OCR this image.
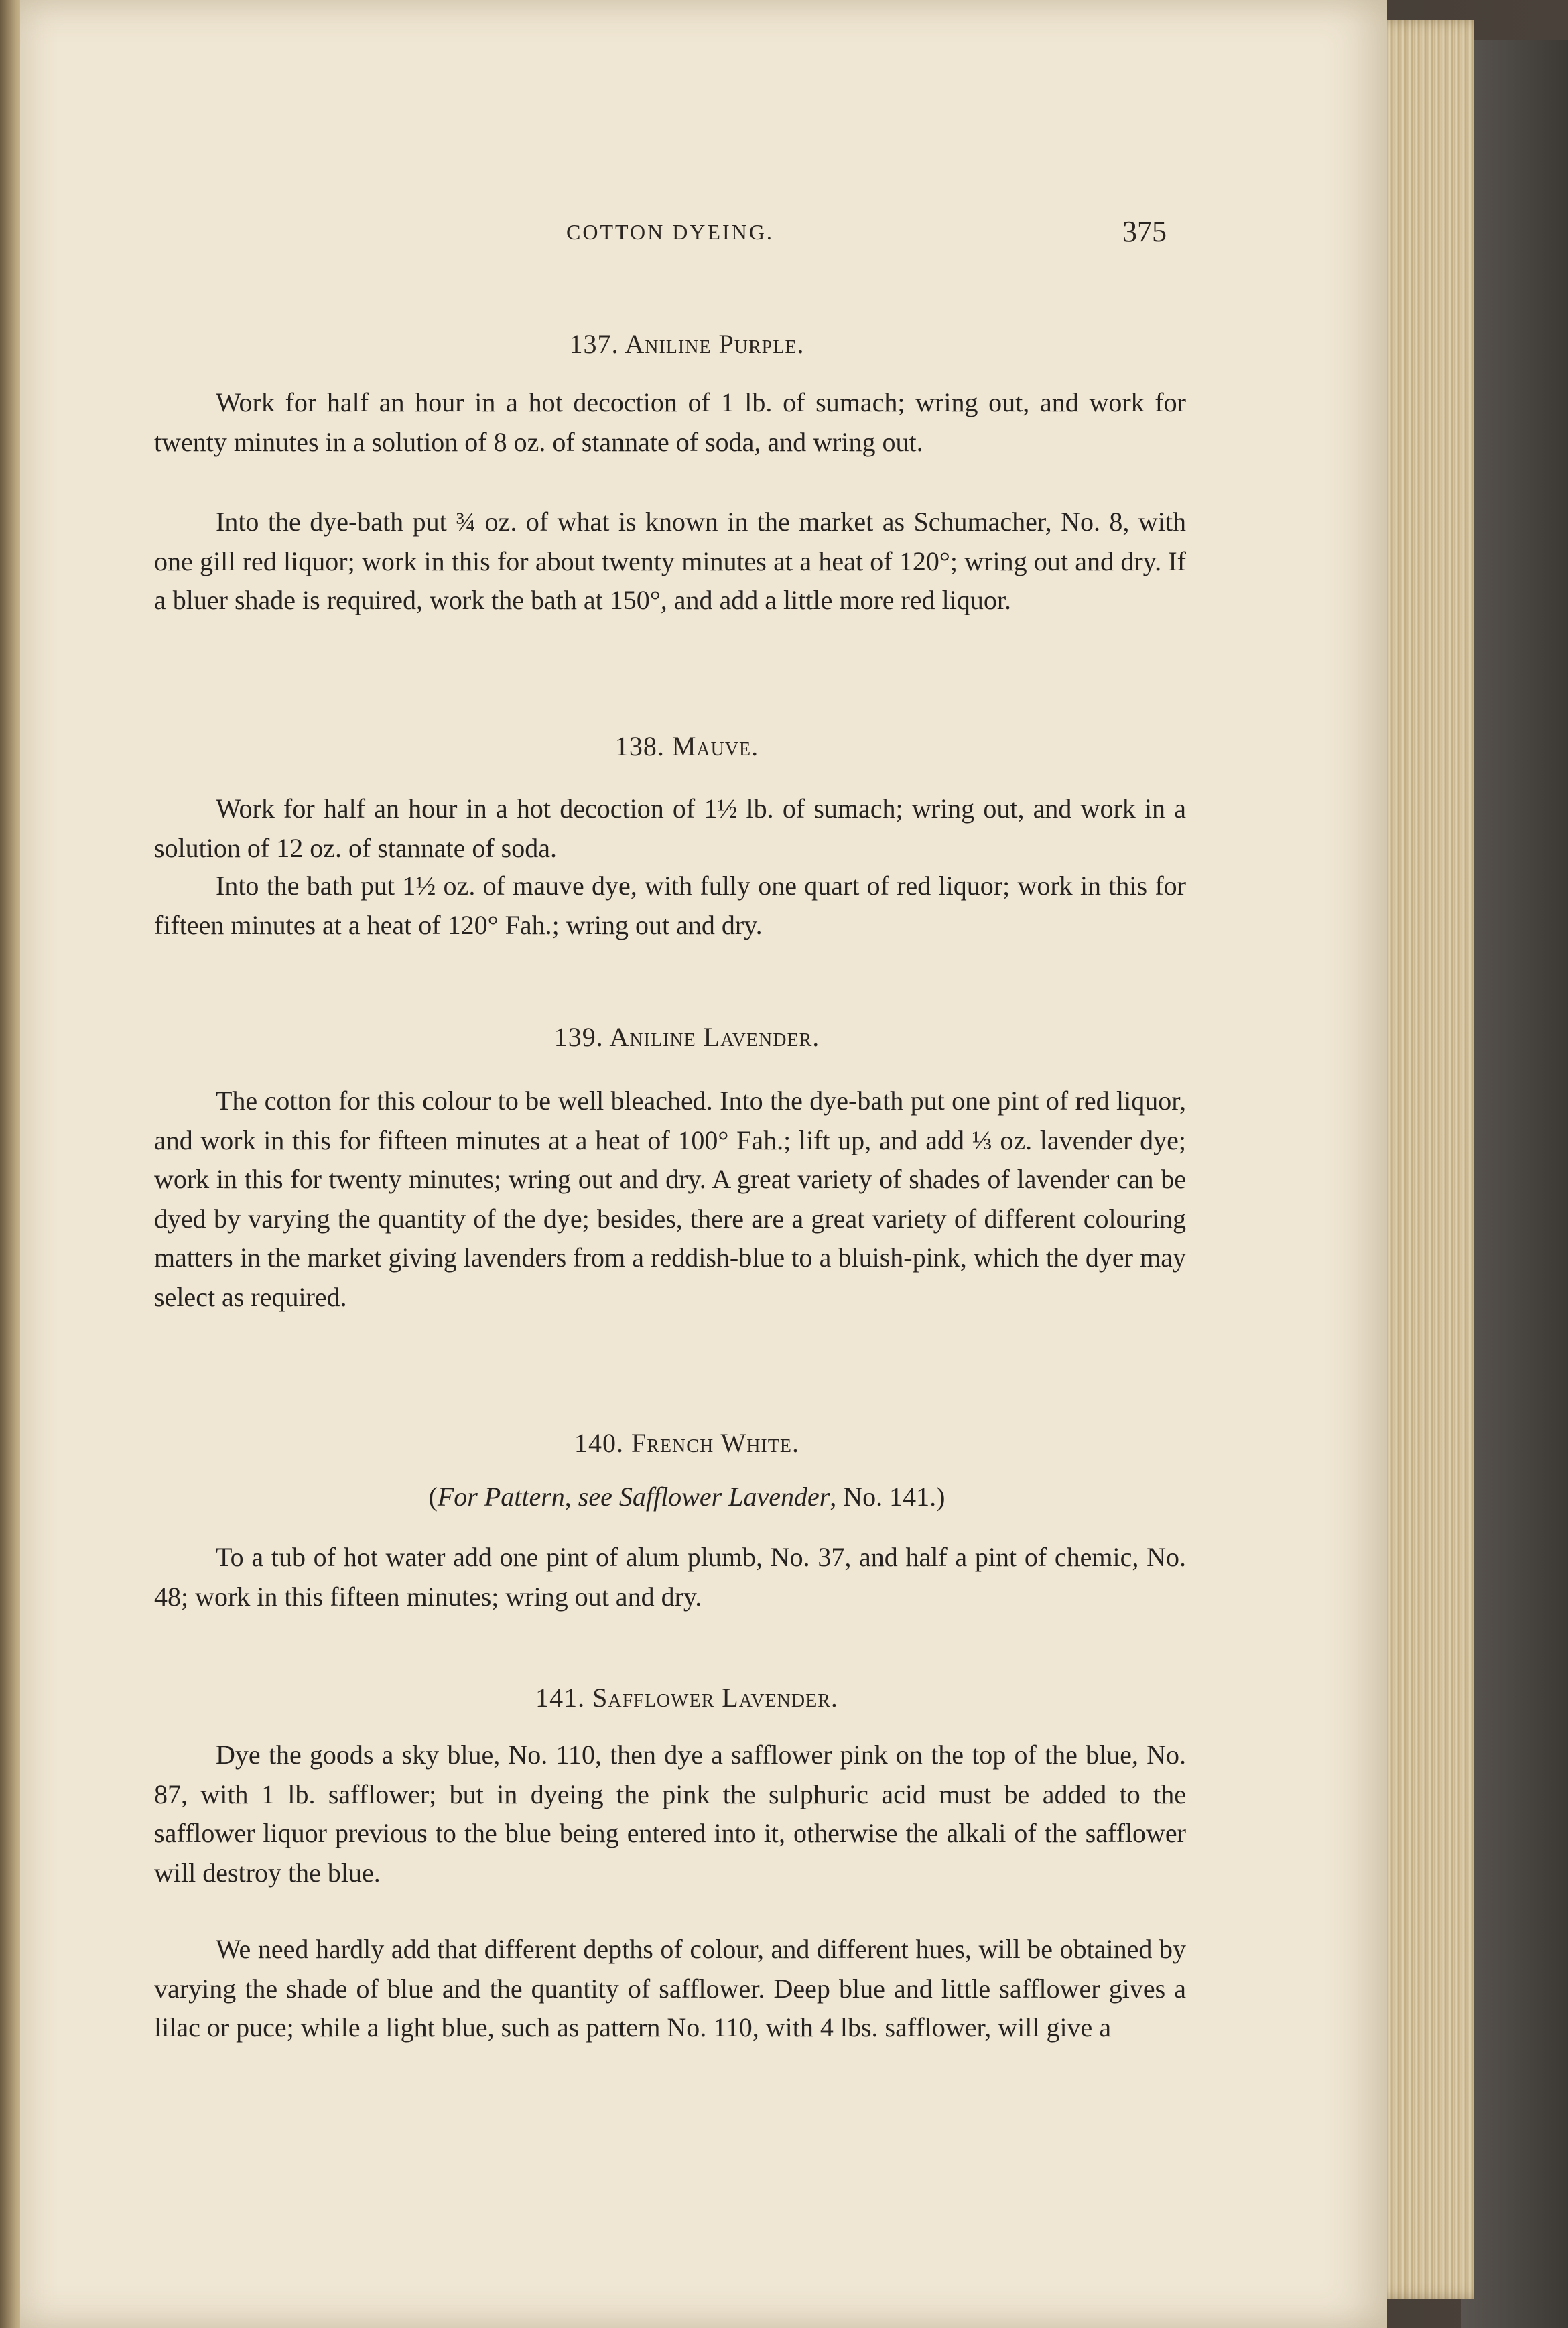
COTTON DYEING.	375
137. Aniline Purple.
Work for half an hour in a hot decoction of 1 lb. of sumach; wring out, and work for twenty minutes in a solution of 8 oz. of stannate of soda, and wring out.
Into the dye-bath put ¾ oz. of what is known in the market as Schumacher, No. 8, with one gill red liquor; work in this for about twenty minutes at a heat of 120°; wring out and dry. If a bluer shade is required, work the bath at 150°, and add a little more red liquor.
138. Mauve.
Work for half an hour in a hot decoction of 1½ lb. of sumach; wring out, and work in a solution of 12 oz. of stannate of soda.
Into the bath put 1½ oz. of mauve dye, with fully one quart of red liquor; work in this for fifteen minutes at a heat of 120° Fah.; wring out and dry.
139. Aniline Lavender.
The cotton for this colour to be well bleached. Into the dye-bath put one pint of red liquor, and work in this for fifteen minutes at a heat of 100° Fah.; lift up, and add ⅓ oz. lavender dye; work in this for twenty minutes; wring out and dry. A great variety of shades of lavender can be dyed by varying the quantity of the dye; besides, there are a great variety of different colouring matters in the market giving lavenders from a reddish-blue to a bluish-pink, which the dyer may select as required.
140. French White.
(For Pattern, see Safflower Lavender, No. 141.)
To a tub of hot water add one pint of alum plumb, No. 37, and half a pint of chemic, No. 48; work in this fifteen minutes; wring out and dry.
141. Safflower Lavender.
Dye the goods a sky blue, No. 110, then dye a safflower pink on the top of the blue, No. 87, with 1 lb. safflower; but in dyeing the pink the sulphuric acid must be added to the safflower liquor previous to the blue being entered into it, otherwise the alkali of the safflower will destroy the blue.
We need hardly add that different depths of colour, and different hues, will be obtained by varying the shade of blue and the quantity of safflower. Deep blue and little safflower gives a lilac or puce; while a light blue, such as pattern No. 110, with 4 lbs. safflower, will give a
